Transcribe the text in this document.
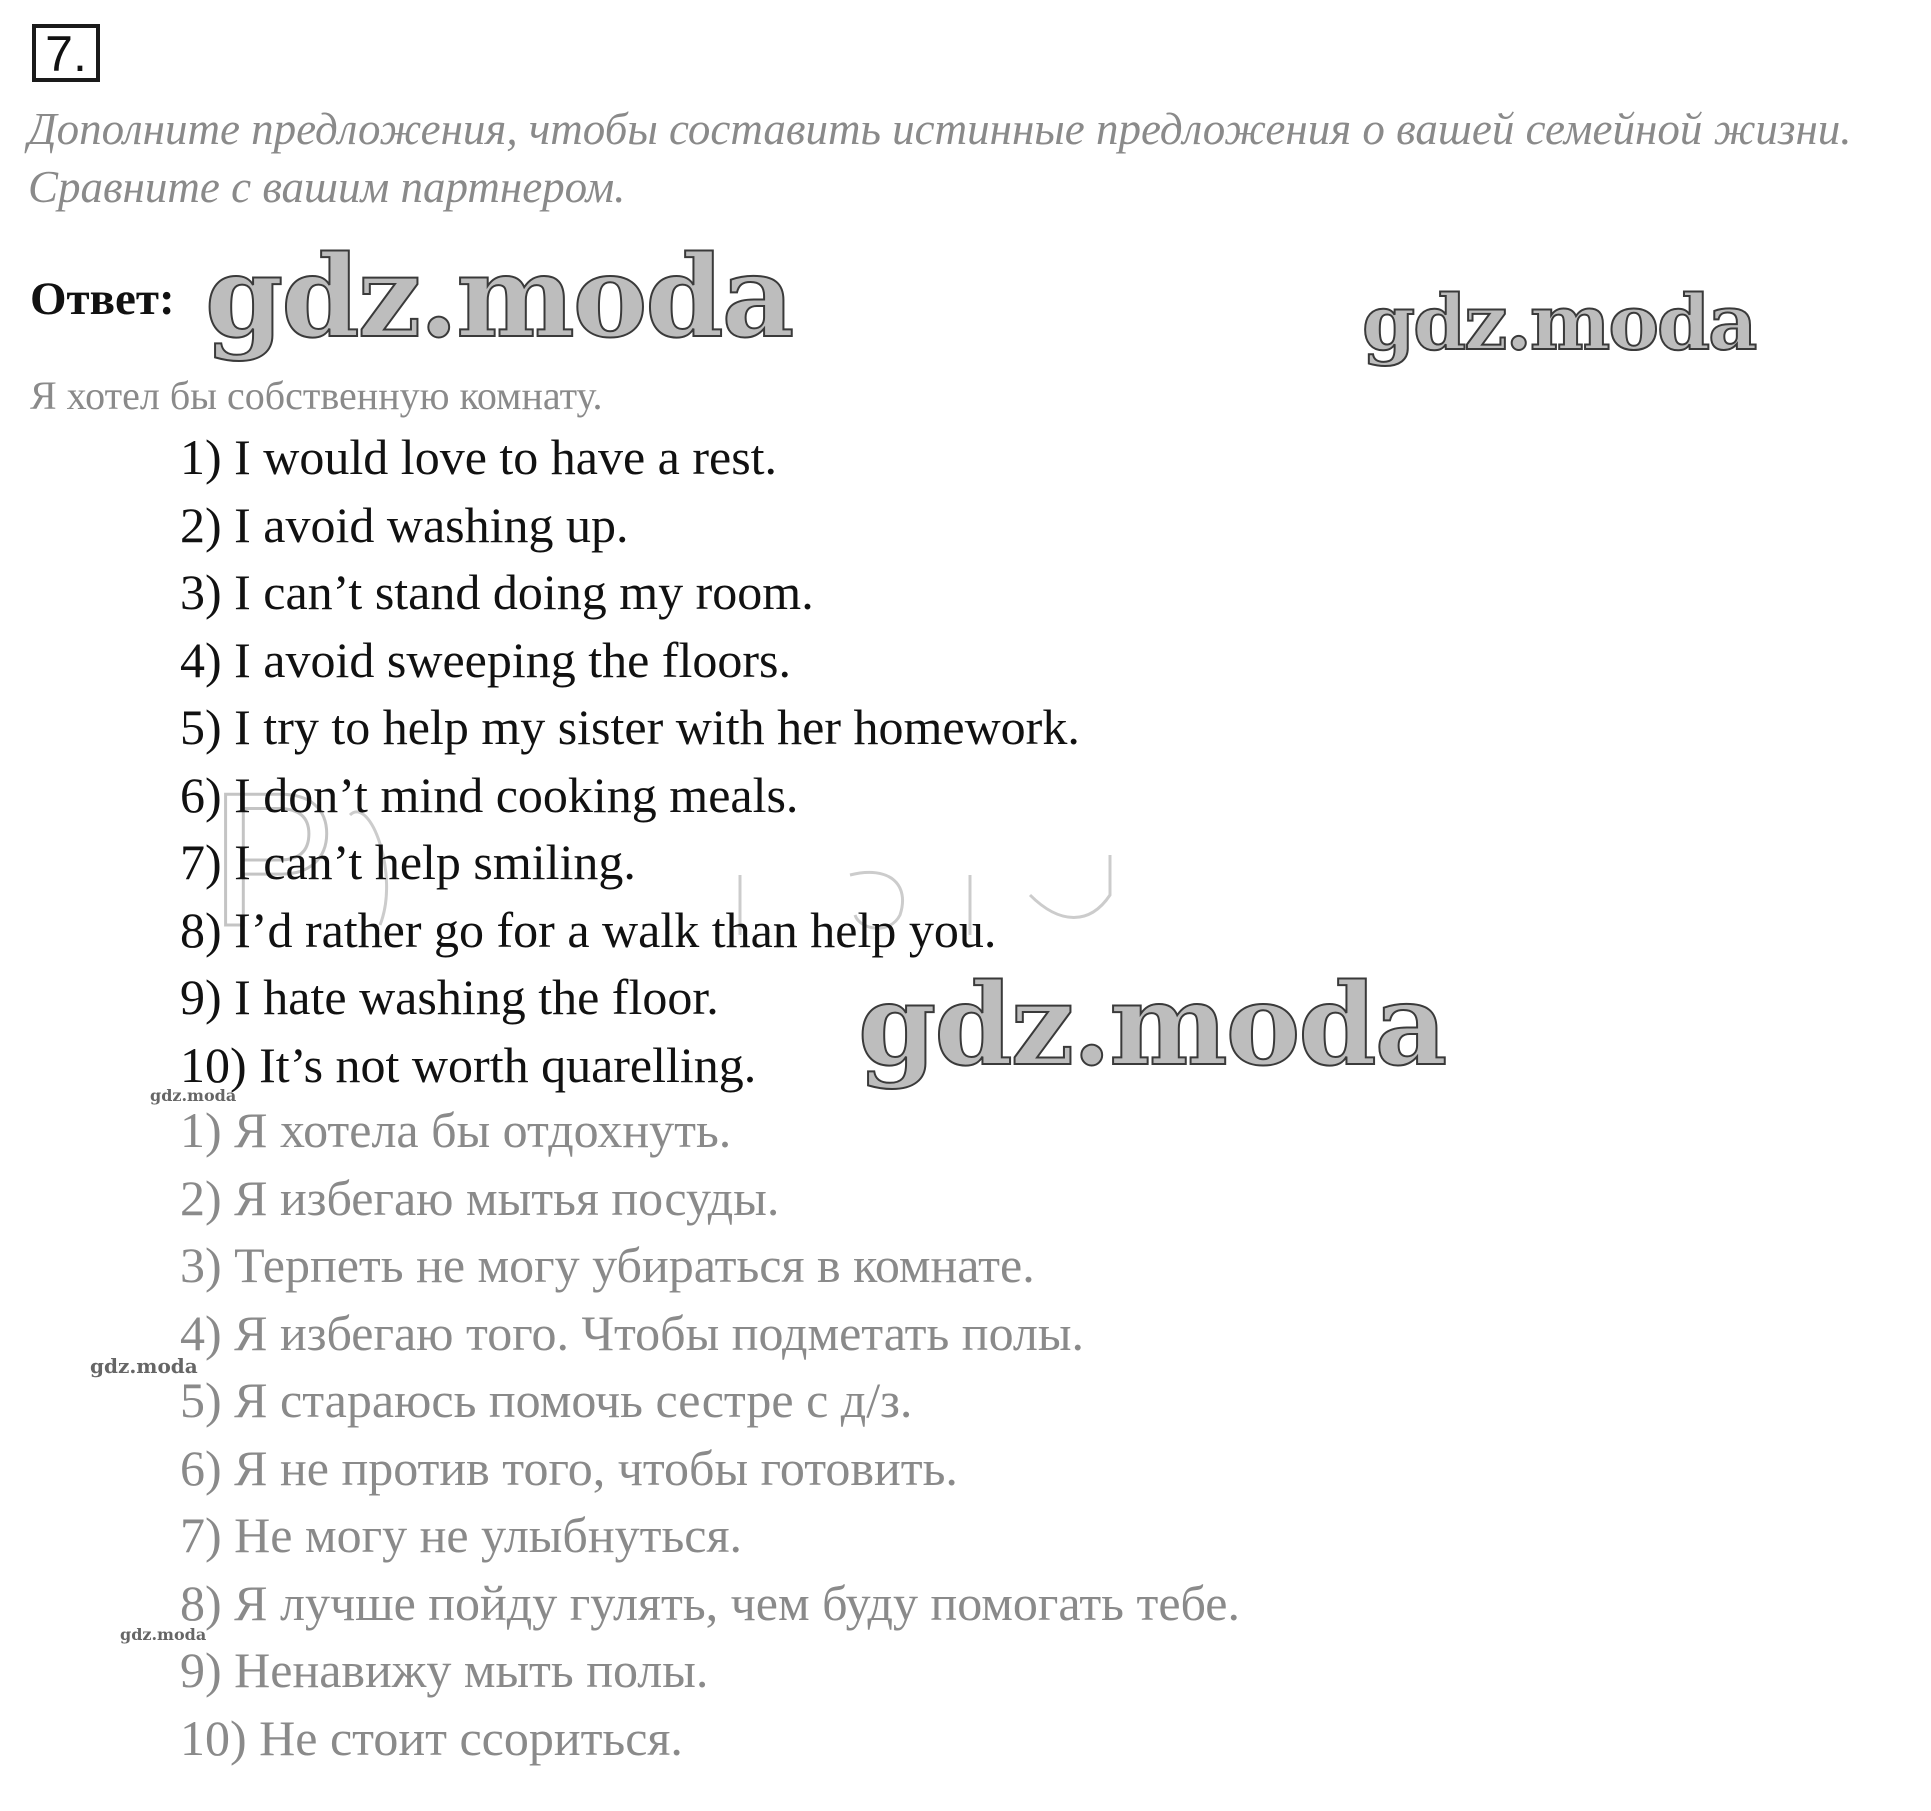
7.

Дополните предложения, чтобы составить истинные предложения о вашей семейной жизни. Сравните с вашим партнером.

Ответ: gdz.moda	gdz.moda
Я хотел бы собственную комнату.
P
1) I would love to have a rest.
2) I avoid washing up.
3) I can’t stand doing my room.
4) I avoid sweeping the floors.
5) I try to help my sister with her homework.
6) I don’t mind cooking meals.
7) I can’t help smiling.
8) I’d rather go for a walk than help you.
9) I hate washing the floor.
10) It’s not worth quarelling. gdz.moda
gdz.moda
1) Я хотела бы отдохнуть.
2) Я избегаю мытья посуды.
3) Терпеть не могу убираться в комнате.
4) Я избегаю того. Чтобы подметать полы.
5) Я стараюсь помочь сестре с д/з.
6) Я не против того, чтобы готовить.
7) Не могу не улыбнуться.
8) Я лучше пойду гулять, чем буду помогать тебе.
9) Ненавижу мыть полы.
10) Не стоит ссориться.
gdz.moda
gdz.moda
